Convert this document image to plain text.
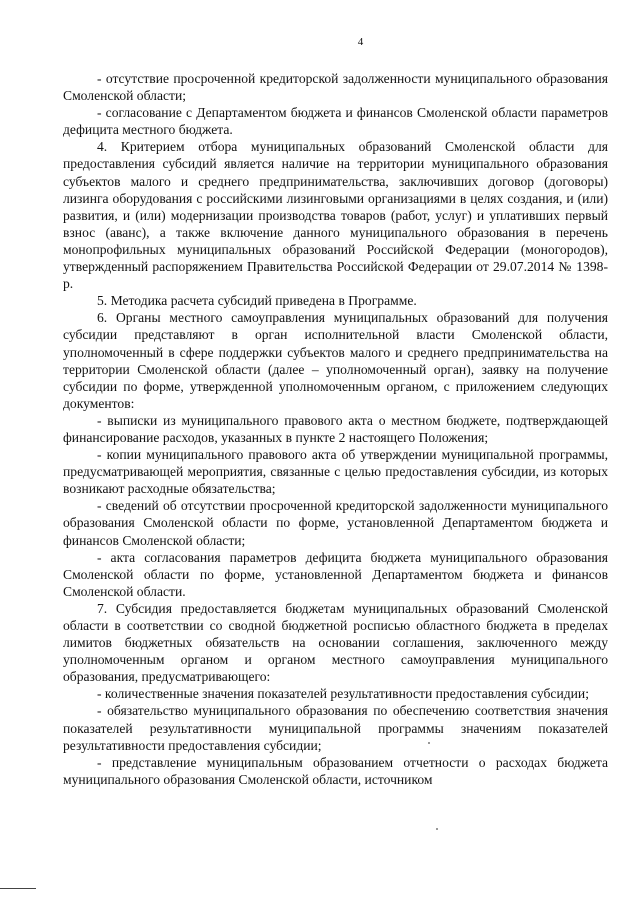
4

- отсутствие просроченной кредиторской задолженности муниципального образования Смоленской области;

- согласование с Департаментом бюджета и финансов Смоленской области параметров дефицита местного бюджета.

4. Критерием отбора муниципальных образований Смоленской области для предоставления субсидий является наличие на территории муниципального образования субъектов малого и среднего предпринимательства, заключивших договор (договоры) лизинга оборудования с российскими лизинговыми организациями в целях создания, и (или) развития, и (или) модернизации производства товаров (работ, услуг) и уплативших первый взнос (аванс), а также включение данного муниципального образования в перечень монопрофильных муниципальных образований Российской Федерации (моногородов), утвержденный распоряжением Правительства Российской Федерации от 29.07.2014 № 1398-р.

5. Методика расчета субсидий приведена в Программе.

6. Органы местного самоуправления муниципальных образований для получения субсидии представляют в орган исполнительной власти Смоленской области, уполномоченный в сфере поддержки субъектов малого и среднего предпринимательства на территории Смоленской области (далее – уполномоченный орган), заявку на получение субсидии по форме, утвержденной уполномоченным органом, с приложением следующих документов:

- выписки из муниципального правового акта о местном бюджете, подтверждающей финансирование расходов, указанных в пункте 2 настоящего Положения;

- копии муниципального правового акта об утверждении муниципальной программы, предусматривающей мероприятия, связанные с целью предоставления субсидии, из которых возникают расходные обязательства;

- сведений об отсутствии просроченной кредиторской задолженности муниципального образования Смоленской области по форме, установленной Департаментом бюджета и финансов Смоленской области;

- акта согласования параметров дефицита бюджета муниципального образования Смоленской области по форме, установленной Департаментом бюджета и финансов Смоленской области.

7. Субсидия предоставляется бюджетам муниципальных образований Смоленской области в соответствии со сводной бюджетной росписью областного бюджета в пределах лимитов бюджетных обязательств на основании соглашения, заключенного между уполномоченным органом и органом местного самоуправления муниципального образования, предусматривающего:

- количественные значения показателей результативности предоставления субсидии;

- обязательство муниципального образования по обеспечению соответствия значения показателей результативности муниципальной программы значениям показателей результативности предоставления субсидии;

- представление муниципальным образованием отчетности о расходах бюджета муниципального образования Смоленской области, источником
